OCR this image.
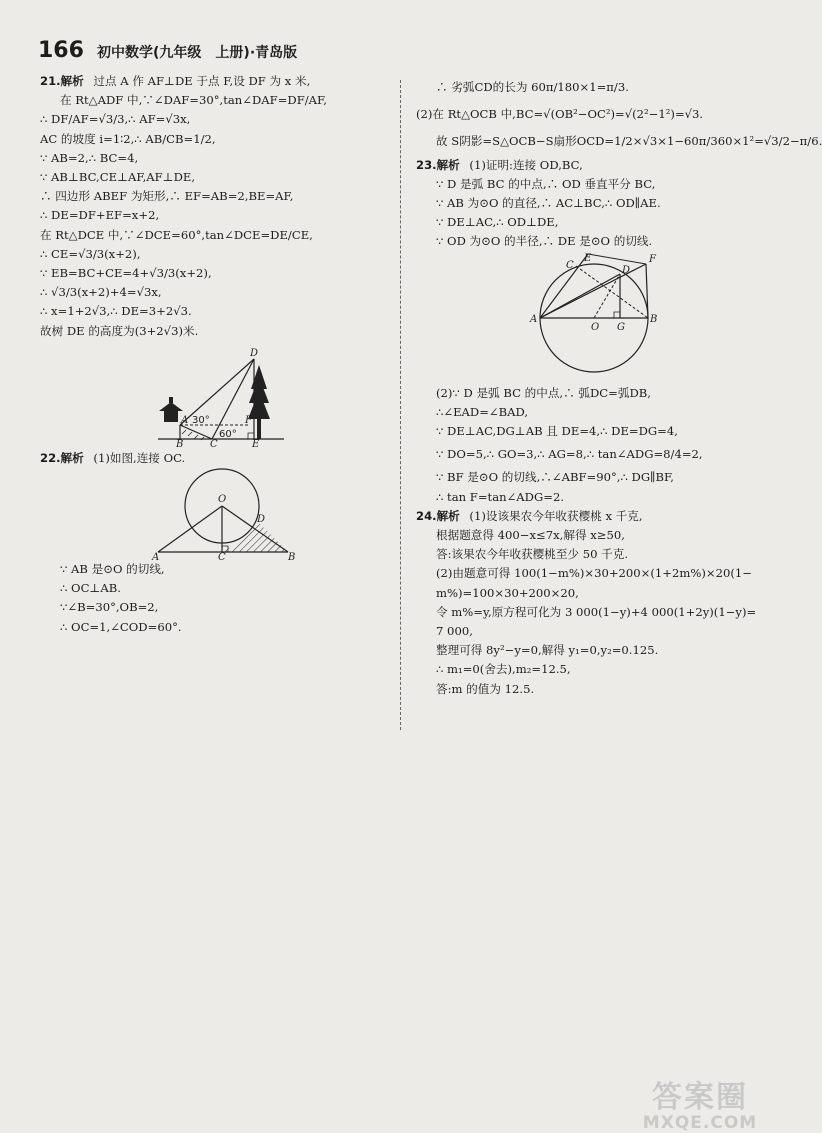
166 初中数学(九年级　上册)·青岛版
21.解析 过点 A 作 AF⊥DE 于点 F,设 DF 为 x 米,
在 Rt△ADF 中,∵∠DAF=30°,tan∠DAF=DF/AF,
∴ DF/AF=√3/3,∴ AF=√3x,
AC 的坡度 i=1∶2,∴ AB/CB=1/2,
∵ AB=2,∴ BC=4,
∵ AB⊥BC,CE⊥AF,AF⊥DE,
∴ 四边形 ABEF 为矩形,∴ EF=AB=2,BE=AF,
∴ DE=DF+EF=x+2,
在 Rt△DCE 中,∵∠DCE=60°,tan∠DCE=DE/CE,
∴ CE=√3/3(x+2),
∵ EB=BC+CE=4+√3/3(x+2),
∴ √3/3(x+2)+4=√3x,
∴ x=1+2√3,∴ DE=3+2√3.
故树 DE 的高度为(3+2√3)米.
30°
60°
D
A	F
B	C	E
22.解析 (1)如图,连接 OC.
O
D
A	C	B
∵ AB 是⊙O 的切线,
∴ OC⊥AB.
∵∠B=30°,OB=2,
∴ OC=1,∠COD=60°.
∴ 劣弧CD的长为 60π/180×1=π/3.
(2)在 Rt△OCB 中,BC=√(OB²−OC²)=√(2²−1²)=√3.
故 S阴影=S△OCB−S扇形OCD=1/2×√3×1−60π/360×1²=√3/2−π/6.
23.解析 (1)证明:连接 OD,BC,
∵ D 是弧 BC 的中点,∴ OD 垂直平分 BC,
∵ AB 为⊙O 的直径,∴ AC⊥BC,∴ OD∥AE.
∵ DE⊥AC,∴ OD⊥DE,
∵ OD 为⊙O 的半径,∴ DE 是⊙O 的切线.
E	F
C	D
A
O G
B
(2)∵ D 是弧 BC 的中点,∴ 弧DC=弧DB,
∴∠EAD=∠BAD,
∵ DE⊥AC,DG⊥AB 且 DE=4,∴ DE=DG=4,
∵ DO=5,∴ GO=3,∴ AG=8,∴ tan∠ADG=8/4=2,
∵ BF 是⊙O 的切线,∴∠ABF=90°,∴ DG∥BF,
∴ tan F=tan∠ADG=2.
24.解析 (1)设该果农今年收获樱桃 x 千克,
根据题意得 400−x≤7x,解得 x≥50,
答:该果农今年收获樱桃至少 50 千克.
(2)由题意可得 100(1−m%)×30+200×(1+2m%)×20(1−
m%)=100×30+200×20,
令 m%=y,原方程可化为 3 000(1−y)+4 000(1+2y)(1−y)=
7 000,
整理可得 8y²−y=0,解得 y₁=0,y₂=0.125.
∴ m₁=0(舍去),m₂=12.5,
答:m 的值为 12.5.
答案圈
MXQE.COM
